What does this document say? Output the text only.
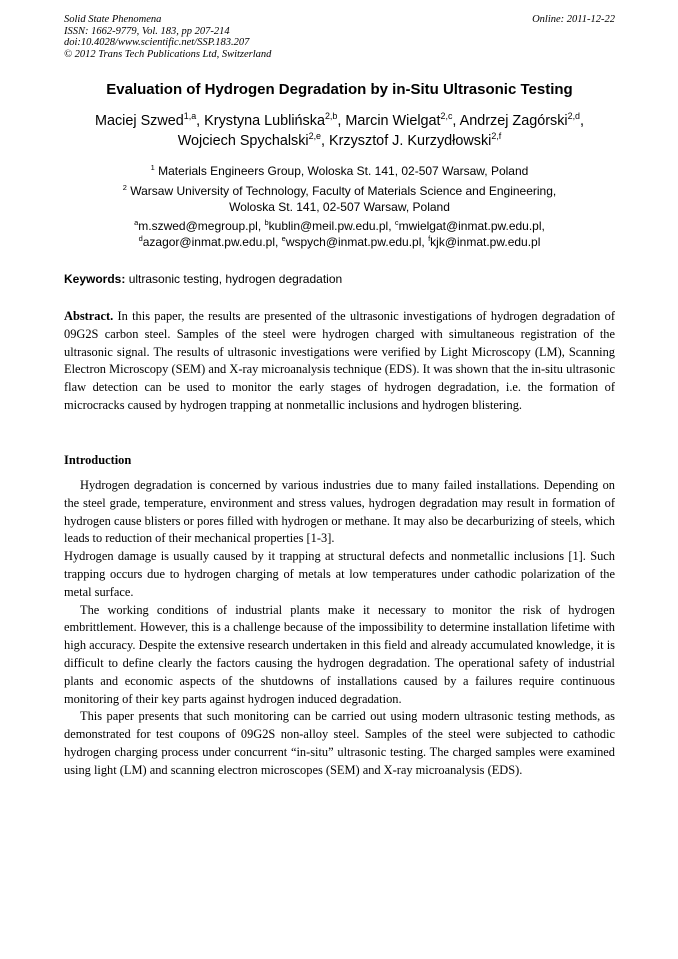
Solid State Phenomena
ISSN: 1662-9779, Vol. 183, pp 207-214
doi:10.4028/www.scientific.net/SSP.183.207
© 2012 Trans Tech Publications Ltd, Switzerland
Online: 2011-12-22
Evaluation of Hydrogen Degradation by in-Situ Ultrasonic Testing
Maciej Szwed$^{1,a}$, Krystyna Lublińska$^{2,b}$, Marcin Wielgat$^{2,c}$, Andrzej Zagórski$^{2,d}$,
Wojciech Spychalski$^{2,e}$, Krzysztof J. Kurzydłowski$^{2,f}$
$^1$ Materials Engineers Group, Woloska St. 141, 02-507 Warsaw, Poland
$^2$ Warsaw University of Technology, Faculty of Materials Science and Engineering,
Woloska St. 141, 02-507 Warsaw, Poland
$^a$m.szwed@megroup.pl, $^b$kublin@meil.pw.edu.pl, $^c$mwielgat@inmat.pw.edu.pl,
$^d$azagor@inmat.pw.edu.pl, $^e$wspych@inmat.pw.edu.pl, $^f$kjk@inmat.pw.edu.pl
Keywords: ultrasonic testing, hydrogen degradation

Abstract. In this paper, the results are presented of the ultrasonic investigations of hydrogen degradation of 09G2S carbon steel. Samples of the steel were hydrogen charged with simultaneous registration of the ultrasonic signal. The results of ultrasonic investigations were verified by Light Microscopy (LM), Scanning Electron Microscopy (SEM) and X-ray microanalysis technique (EDS). It was shown that the in-situ ultrasonic flaw detection can be used to monitor the early stages of hydrogen degradation, i.e. the formation of microcracks caused by hydrogen trapping at nonmetallic inclusions and hydrogen blistering.

Introduction

Hydrogen degradation is concerned by various industries due to many failed installations. Depending on the steel grade, temperature, environment and stress values, hydrogen degradation may result in formation of hydrogen cause blisters or pores filled with hydrogen or methane. It may also be decarburizing of steels, which leads to reduction of their mechanical properties [1-3].

Hydrogen damage is usually caused by it trapping at structural defects and nonmetallic inclusions [1]. Such trapping occurs due to hydrogen charging of metals at low temperatures under cathodic polarization of the metal surface.

The working conditions of industrial plants make it necessary to monitor the risk of hydrogen embrittlement. However, this is a challenge because of the impossibility to determine installation lifetime with high accuracy. Despite the extensive research undertaken in this field and already accumulated knowledge, it is difficult to define clearly the factors causing the hydrogen degradation. The operational safety of industrial plants and economic aspects of the shutdowns of installations caused by a failures require continuous monitoring of their key parts against hydrogen induced degradation.

This paper presents that such monitoring can be carried out using modern ultrasonic testing methods, as demonstrated for test coupons of 09G2S non-alloy steel. Samples of the steel were subjected to cathodic hydrogen charging process under concurrent “in-situ” ultrasonic testing. The charged samples were examined using light (LM) and scanning electron microscopes (SEM) and X-ray microanalysis (EDS).
